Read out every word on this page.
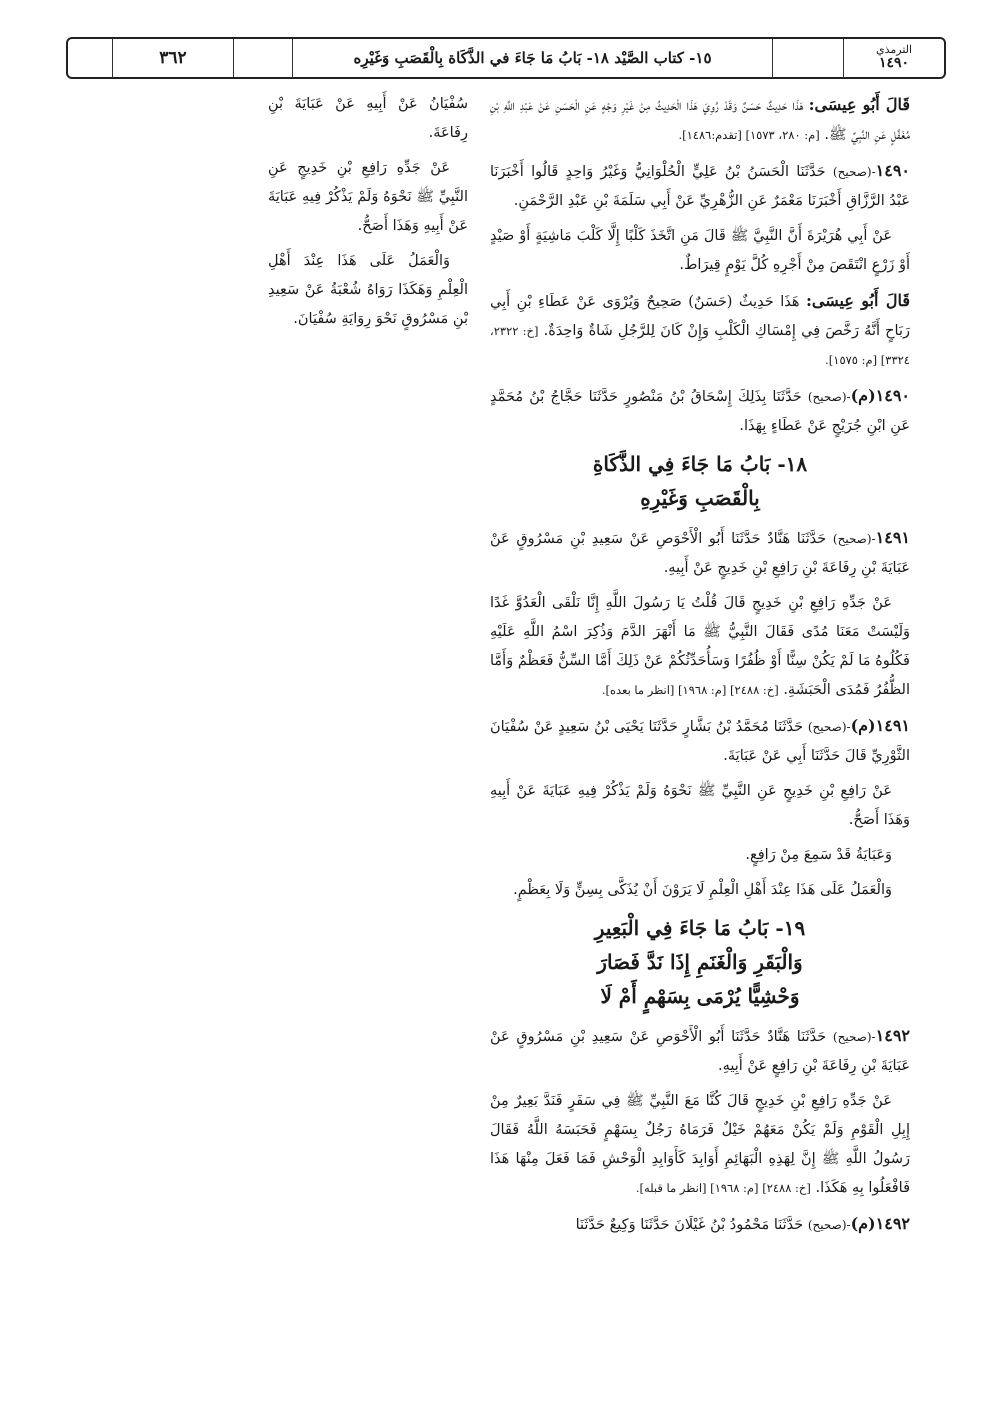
الترمذي
١٤٩٠
١٥- كتاب الصَّيْد ١٨- بَابُ مَا جَاءَ في الذَّكَاة بِالْقَصَبِ وَغَيْرِه
٣٦٢

قَالَ أَبُو عِيسَى: هَذَا حَدِيثٌ حَسَنٌ وَقَدْ رُوِيَ هَذَا الْحَدِيثُ مِنْ غَيْرِ وَجْهٍ عَنِ الْحَسَنِ عَنْ عَبْدِ اللَّهِ بْنِ مُغَفَّلٍ عَنِ النَّبِيِّ ﷺ. [م: ٢٨٠، ١٥٧٣] [تقدم:١٤٨٦].

١٤٩٠-(صحيح) حَدَّثَنَا الْحَسَنُ بْنُ عَلِيٍّ الْحُلْوَانِيُّ وَغَيْرُ وَاحِدٍ قَالُوا أَخْبَرَنَا عَبْدُ الرَّزَّاقِ أَخْبَرَنَا مَعْمَرٌ عَنِ الزُّهْرِيِّ عَنْ أَبِي سَلَمَةَ بْنِ عَبْدِ الرَّحْمَنِ.

عَنْ أَبِي هُرَيْرَةَ أَنَّ النَّبِيَّ ﷺ قَالَ مَنِ اتَّخَذَ كَلْبًا إِلَّا كَلْبَ مَاشِيَةٍ أَوْ صَيْدٍ أَوْ زَرْعٍ انْتَقَصَ مِنْ أَجْرِهِ كُلَّ يَوْمٍ قِيرَاطٌ.

قَالَ أَبُو عِيسَى: هَذَا حَدِيثٌ (حَسَنٌ) صَحِيحٌ وَيُرْوَى عَنْ عَطَاءِ بْنِ أَبِي رَبَاحٍ أَنَّهُ رَخَّصَ فِي إِمْسَاكِ الْكَلْبِ وَإِنْ كَانَ لِلرَّجُلِ شَاةٌ وَاحِدَةٌ. [خ: ٢٣٢٢، ٣٣٢٤] [م: ١٥٧٥].

١٤٩٠(م)-(صحيح) حَدَّثَنَا بِذَلِكَ إِسْحَاقُ بْنُ مَنْصُورٍ حَدَّثَنَا حَجَّاجُ بْنُ مُحَمَّدٍ عَنِ ابْنِ جُرَيْجٍ عَنْ عَطَاءٍ بِهَذَا.

١٨- بَابُ مَا جَاءَ فِي الذَّكَاةِ
بِالْقَصَبِ وَغَيْرِهِ

١٤٩١-(صحيح) حَدَّثَنَا هَنَّادٌ حَدَّثَنَا أَبُو الْأَحْوَصِ عَنْ سَعِيدِ بْنِ مَسْرُوقٍ عَنْ عَبَايَةَ بْنِ رِفَاعَةَ بْنِ رَافِعِ بْنِ خَدِيجٍ عَنْ أَبِيهِ.

عَنْ جَدِّهِ رَافِعِ بْنِ خَدِيجٍ قَالَ قُلْتُ يَا رَسُولَ اللَّهِ إِنَّا نَلْقَى الْعَدُوَّ غَدًا وَلَيْسَتْ مَعَنَا مُدًى فَقَالَ النَّبِيُّ ﷺ مَا أَنْهَرَ الدَّمَ وَذُكِرَ اسْمُ اللَّهِ عَلَيْهِ فَكُلُوهُ مَا لَمْ يَكُنْ سِنًّا أَوْ ظُفُرًا وَسَأُحَدِّثُكُمْ عَنْ ذَلِكَ أَمَّا السِّنُّ فَعَظْمٌ وَأَمَّا الظُّفُرُ فَمُدَى الْحَبَشَةِ. [خ: ٢٤٨٨] [م: ١٩٦٨] [انظر ما بعده].

١٤٩١(م)-(صحيح) حَدَّثَنَا مُحَمَّدُ بْنُ بَشَّارٍ حَدَّثَنَا يَحْيَى بْنُ سَعِيدٍ عَنْ سُفْيَانَ الثَّوْرِيِّ قَالَ حَدَّثَنَا أَبِي عَنْ عَبَايَةَ.

عَنْ رَافِعِ بْنِ خَدِيجٍ عَنِ النَّبِيِّ ﷺ نَحْوَهُ وَلَمْ يَذْكُرْ فِيهِ عَبَايَةَ عَنْ أَبِيهِ وَهَذَا أَصَحُّ.

وَعَبَايَةُ قَدْ سَمِعَ مِنْ رَافِعٍ.

وَالْعَمَلُ عَلَى هَذَا عِنْدَ أَهْلِ الْعِلْمِ لَا يَرَوْنَ أَنْ يُذَكَّى بِسِنٍّ وَلَا بِعَظْمٍ.

١٩- بَابُ مَا جَاءَ فِي الْبَعِيرِ
وَالْبَقَرِ وَالْغَنَمِ إِذَا نَدَّ فَصَارَ
وَحْشِيًّا يُرْمَى بِسَهْمٍ أَمْ لَا

١٤٩٢-(صحيح) حَدَّثَنَا هَنَّادٌ حَدَّثَنَا أَبُو الْأَحْوَصِ عَنْ سَعِيدِ بْنِ مَسْرُوقٍ عَنْ عَبَايَةَ بْنِ رِفَاعَةَ بْنِ رَافِعٍ عَنْ أَبِيهِ.

عَنْ جَدِّهِ رَافِعِ بْنِ خَدِيجٍ قَالَ كُنَّا مَعَ النَّبِيِّ ﷺ فِي سَفَرٍ فَنَدَّ بَعِيرٌ مِنْ إِبِلِ الْقَوْمِ وَلَمْ يَكُنْ مَعَهُمْ خَيْلٌ فَرَمَاهُ رَجُلٌ بِسَهْمٍ فَحَبَسَهُ اللَّهُ فَقَالَ رَسُولُ اللَّهِ ﷺ إِنَّ لِهَذِهِ الْبَهَائِمِ أَوَابِدَ كَأَوَابِدِ الْوَحْشِ فَمَا فَعَلَ مِنْهَا هَذَا فَافْعَلُوا بِهِ هَكَذَا. [خ: ٢٤٨٨] [م: ١٩٦٨] [انظر ما قبله].

١٤٩٢(م)-(صحيح) حَدَّثَنَا مَحْمُودُ بْنُ غَيْلَانَ حَدَّثَنَا وَكِيعٌ حَدَّثَنَا

سُفْيَانُ عَنْ أَبِيهِ عَنْ عَبَايَةَ بْنِ رِفَاعَةَ.

عَنْ جَدِّهِ رَافِعِ بْنِ خَدِيجٍ عَنِ النَّبِيِّ ﷺ نَحْوَهُ وَلَمْ يَذْكُرْ فِيهِ عَبَايَةَ عَنْ أَبِيهِ وَهَذَا أَصَحُّ.

وَالْعَمَلُ عَلَى هَذَا عِنْدَ أَهْلِ الْعِلْمِ وَهَكَذَا رَوَاهُ شُعْبَةُ عَنْ سَعِيدِ بْنِ مَسْرُوقٍ نَحْوَ رِوَايَةِ سُفْيَانَ.
